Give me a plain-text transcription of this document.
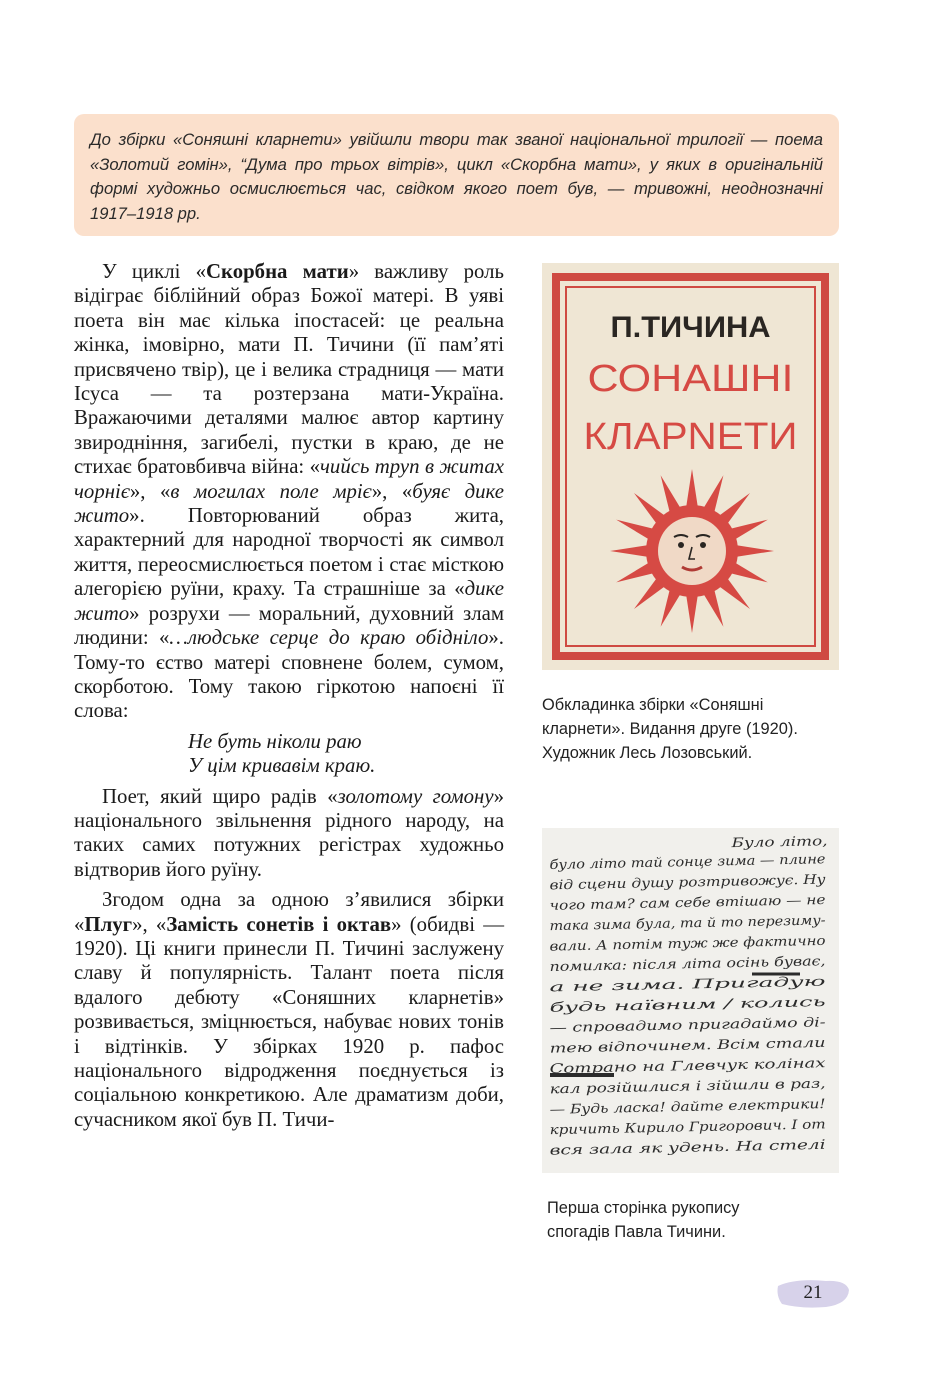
До збірки «Соняшні кларнети» увійшли твори так званої національної трилогії — поема «Золотий гомін», “Дума про трьох вітрів», цикл «Скорбна мати», у яких в оригінальній формі художньо осмислюється час, свідком якого поет був, — тривожні, неоднозначні 1917–1918 рр.

У циклі «Скорбна мати» важливу роль відіграє біблійний образ Божої матері. В уяві поета він має кілька іпостасей: це реальна жінка, імовірно, мати П. Тичини (її пам’яті присвячено твір), це і велика страдниця — мати Ісуса — та розтерзана мати-Україна. Вражаючими деталями малює автор картину звиродніння, загибелі, пустки в краю, де не стихає братовбивча війна: «чийсь труп в житах чорніє», «в могилах поле мріє», «буяє дике жито». Повторюваний образ жита, характерний для народної творчості як символ життя, переосмислюється поетом і стає місткою алегорією руїни, краху. Та страшніше за «дике жито» розрухи — моральний, духовний злам людини: «…людське серце до краю обідніло». Тому-то єство матері сповнене болем, сумом, скорботою. Тому такою гіркотою напоєні її слова:

Не буть ніколи раю
У цім кривавім краю.

Поет, який щиро радів «золотому гомону» національного звільнення рідного народу, на таких самих потужних регістрах художньо відтворив його руїну.

Згодом одна за одною з’явилися збірки «Плуг», «Замість сонетів і октав» (обидві — 1920). Ці книги принесли П. Тичині заслужену славу й популярність. Талант поета після вдалого дебюту «Соняшних кларнетів» розвивається, зміцнюється, набуває нових тонів і відтінків. У збірках 1920 р. пафос національного відродження поєднується із соціальною конкретикою. Але драматизм доби, сучасником якої був П. Тичи-

П.ТИЧИНА
СОНАШНІ
КЛАРNЕТИ
Обкладинка збірки «Соняшні
кларнети». Видання друге (1920).
Художник Лесь Лозовський.
Було літо,
було літо тай сонце зима — плине
від сцени душу розтривожує. Ну
чого там? сам себе втішаю — не
така зима була, та й то перезиму-
вали. А потім туж же фактично
помилка: після літа осінь буває,
а не зима. Пригадую
будь наївним / колись
— спровадимо пригадаймо ді-
тею відпочинем. Всім стали
Сотрано на Глевчук колінах
кал розійшлися і зійшли в раз,
— Будь ласка! дайте електрики!
кричить Кирило Григорович. І от
вся зала як удень. На стелі
Перша сторінка рукопису
спогадів Павла Тичини.
21
